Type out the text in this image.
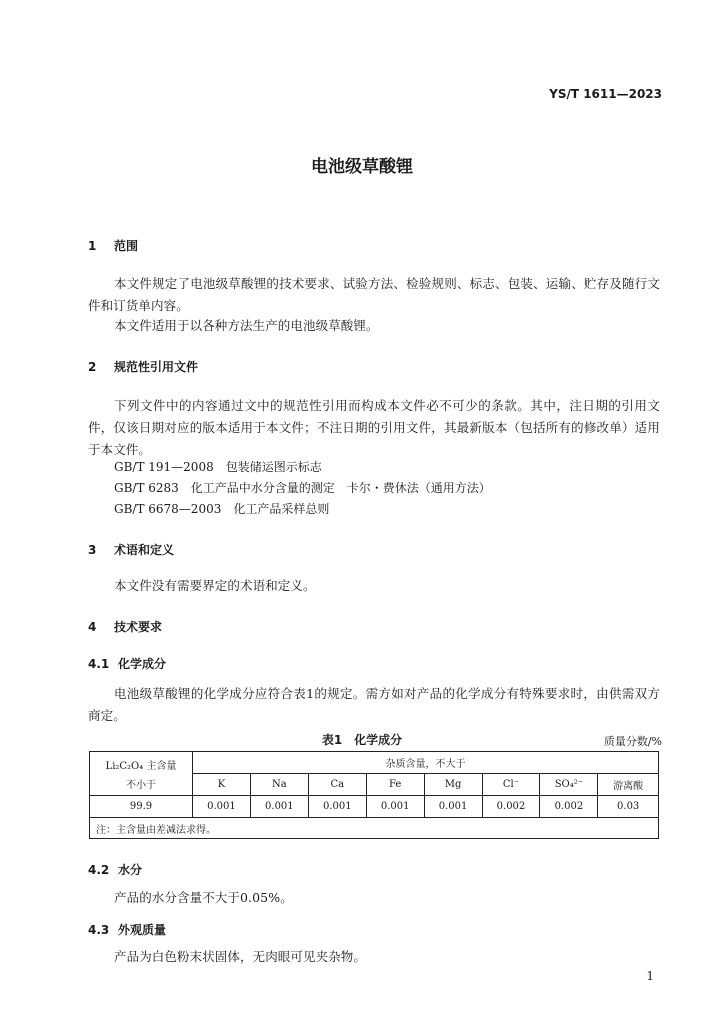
YS/T 1611—2023
电池级草酸锂
1 范围
本文件规定了电池级草酸锂的技术要求、试验方法、检验规则、标志、包装、运输、贮存及随行文件和订货单内容。
本文件适用于以各种方法生产的电池级草酸锂。
2 规范性引用文件
下列文件中的内容通过文中的规范性引用而构成本文件必不可少的条款。其中，注日期的引用文件，仅该日期对应的版本适用于本文件；不注日期的引用文件，其最新版本（包括所有的修改单）适用于本文件。
GB/T 191—2008　包装储运图示标志
GB/T 6283　化工产品中水分含量的测定　卡尔・费休法（通用方法）
GB/T 6678—2003　化工产品采样总则
3 术语和定义
本文件没有需要界定的术语和定义。
4 技术要求
4.1 化学成分
电池级草酸锂的化学成分应符合表1的规定。需方如对产品的化学成分有特殊要求时，由供需双方商定。
表1　化学成分	质量分数/%
Li₂C₂O₄ 主含量
不小于	杂质含量，不大于							
	K	Na	Ca	Fe	Mg	Cl⁻	SO₄²⁻	游离酸
99.9	0.001	0.001	0.001	0.001	0.001	0.002	0.002	0.03
注：主含量由差减法求得。								
4.2 水分
产品的水分含量不大于0.05%。
4.3 外观质量
产品为白色粉末状固体，无肉眼可见夹杂物。
1
